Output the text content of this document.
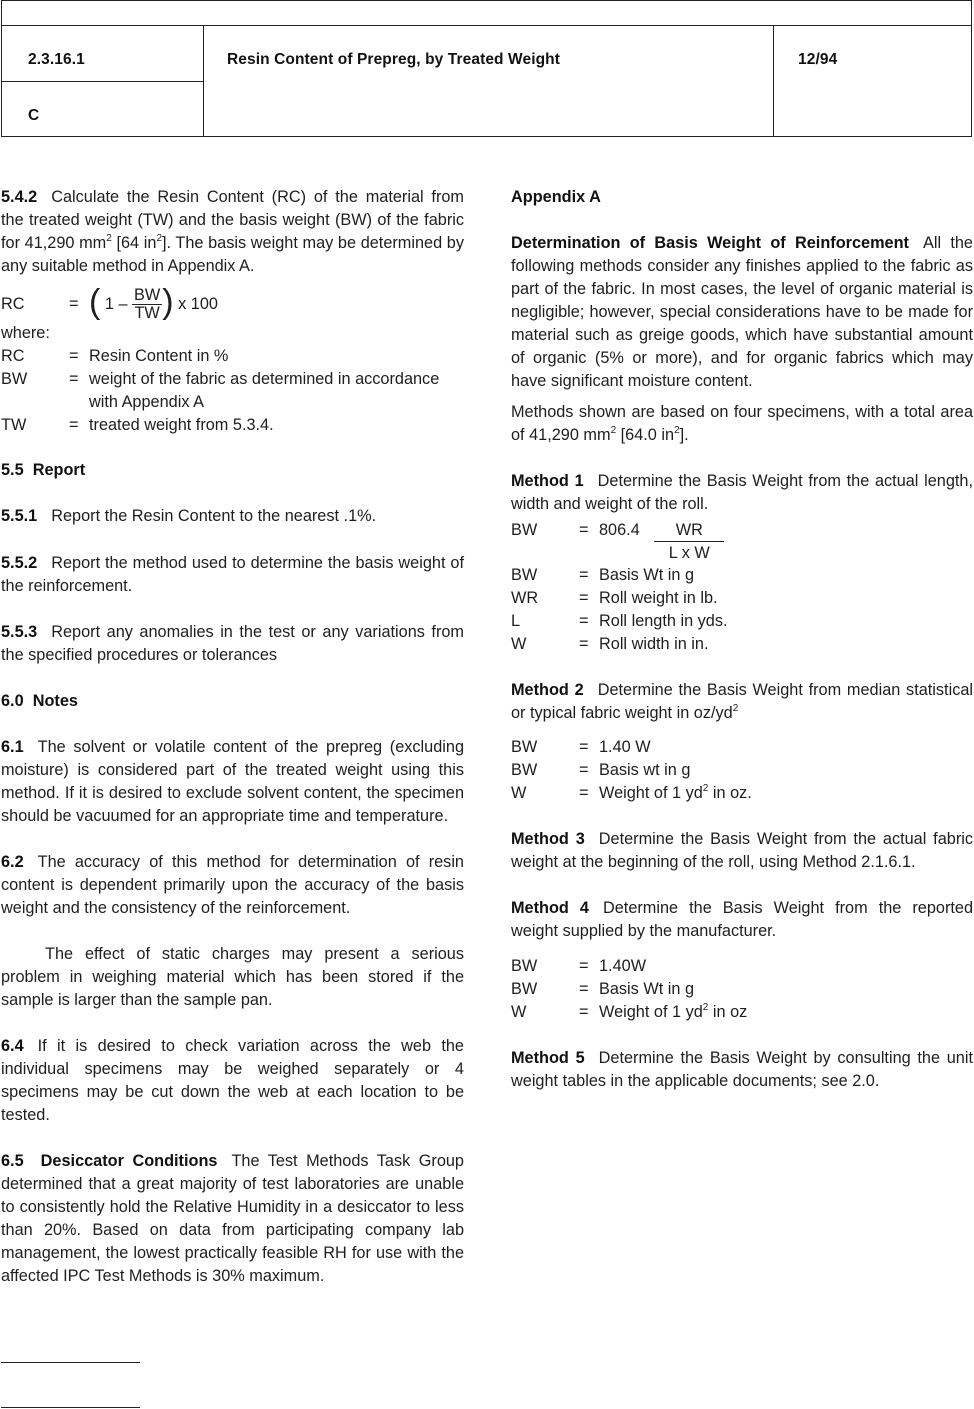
2.3.16.1
C
Resin Content of Prepreg, by Treated Weight	12/94

5.4.2 Calculate the Resin Content (RC) of the material from the treated weight (TW) and the basis weight (BW) of the fabric for 41,290 $mm^2$ [64 $in^2$]. The basis weight may be determined by any suitable method in Appendix A.

RC	= ( $1 - \frac{BW}{TW}$ ) x 100
where:
RC	= Resin Content in %
BW	= weight of the fabric as determined in accordance with Appendix A
TW	= treated weight from 5.3.4.

5.5 Report

5.5.1 Report the Resin Content to the nearest .1%.

5.5.2 Report the method used to determine the basis weight of the reinforcement.

5.5.3 Report any anomalies in the test or any variations from the specified procedures or tolerances

6.0 Notes

6.1 The solvent or volatile content of the prepreg (excluding moisture) is considered part of the treated weight using this method. If it is desired to exclude solvent content, the specimen should be vacuumed for an appropriate time and temperature.

6.2 The accuracy of this method for determination of resin content is dependent primarily upon the accuracy of the basis weight and the consistency of the reinforcement.

The effect of static charges may present a serious problem in weighing material which has been stored if the sample is larger than the sample pan.

6.4 If it is desired to check variation across the web the individual specimens may be weighed separately or 4 specimens may be cut down the web at each location to be tested.

6.5 Desiccator Conditions The Test Methods Task Group determined that a great majority of test laboratories are unable to consistently hold the Relative Humidity in a desiccator to less than 20%. Based on data from participating company lab management, the lowest practically feasible RH for use with the affected IPC Test Methods is 30% maximum.

Appendix A

Determination of Basis Weight of Reinforcement All the following methods consider any finishes applied to the fabric as part of the fabric. In most cases, the level of organic material is negligible; however, special considerations have to be made for material such as greige goods, which have substantial amount of organic (5% or more), and for organic fabrics which may have significant moisture content.

Methods shown are based on four specimens, with a total area of 41,290 $mm^2$ [64.0 $in^2$].

Method 1 Determine the Basis Weight from the actual length, width and weight of the roll.

BW	= $806.4 \frac{WR}{\text{L x W}}$
BW	= Basis Wt in g
WR	= Roll weight in lb.
L	= Roll length in yds.
W	= Roll width in in.

Method 2 Determine the Basis Weight from median statistical or typical fabric weight in $oz/yd^2$

BW	= 1.40 W
BW	= Basis wt in g
W	= Weight of 1 $yd^2$ in oz.

Method 3 Determine the Basis Weight from the actual fabric weight at the beginning of the roll, using Method 2.1.6.1.

Method 4 Determine the Basis Weight from the reported weight supplied by the manufacturer.

BW	= 1.40W
BW	= Basis Wt in g
W	= Weight of 1 $yd^2$ in oz

Method 5 Determine the Basis Weight by consulting the unit weight tables in the applicable documents; see 2.0.
